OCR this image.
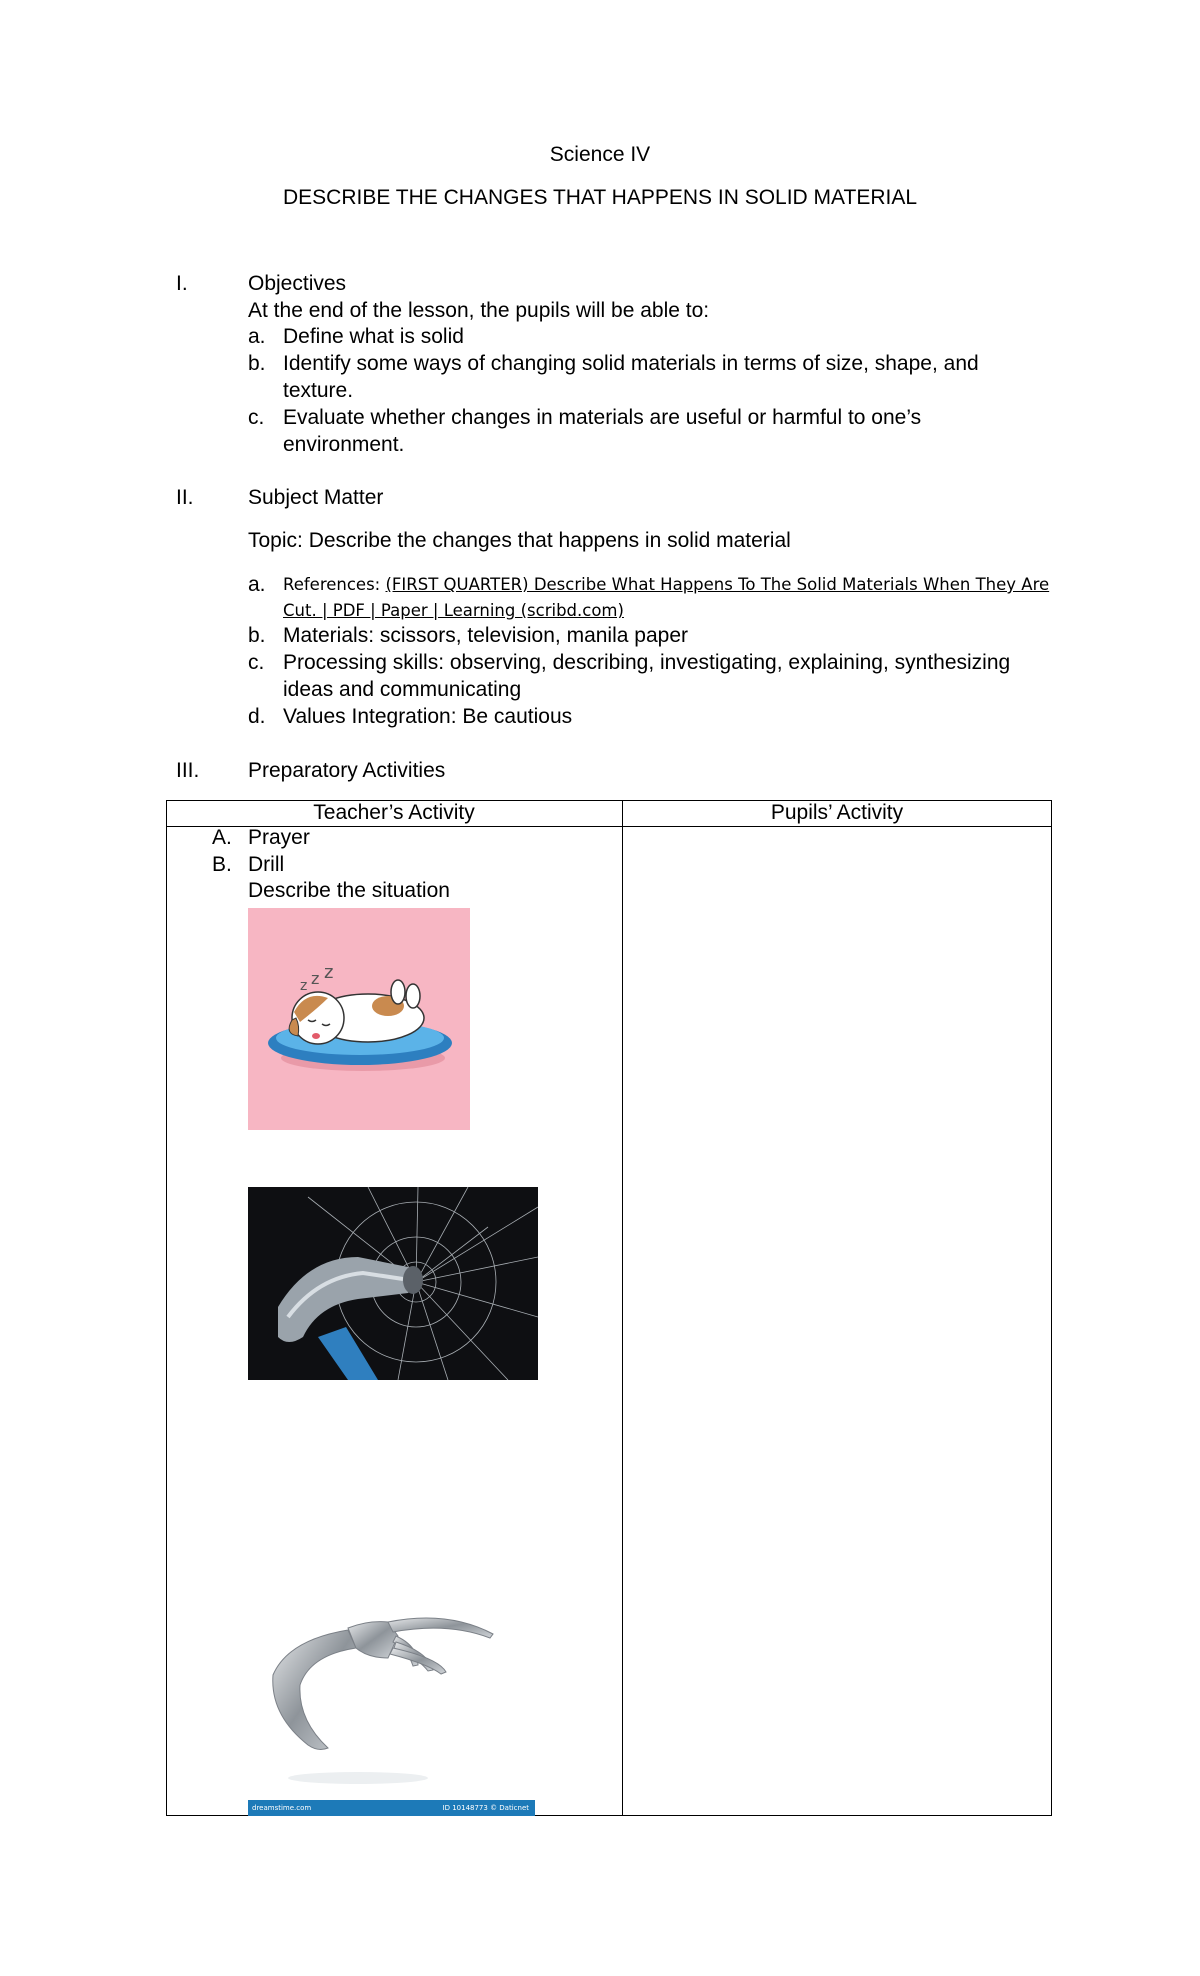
Science IV
DESCRIBE THE CHANGES THAT HAPPENS IN SOLID MATERIAL
I.	Objectives
At the end of the lesson, the pupils will be able to:
a. Define what is solid
b. Identify some ways of changing solid materials in terms of size, shape, and
texture.
c. Evaluate whether changes in materials are useful or harmful to one’s
environment.
II.	Subject Matter
Topic: Describe the changes that happens in solid material
a. References: (FIRST QUARTER) Describe What Happens To The Solid Materials When They Are
Cut. | PDF | Paper | Learning (scribd.com)
b. Materials: scissors, television, manila paper
c. Processing skills: observing, describing, investigating, explaining, synthesizing
ideas and communicating
d. Values Integration: Be cautious
III. Preparatory Activities
Teacher’s Activity	Pupils’ Activity
A. Prayer
B. Drill
Describe the situation
z z z
dreamstime.com	ID 10148773 © Daticnet
